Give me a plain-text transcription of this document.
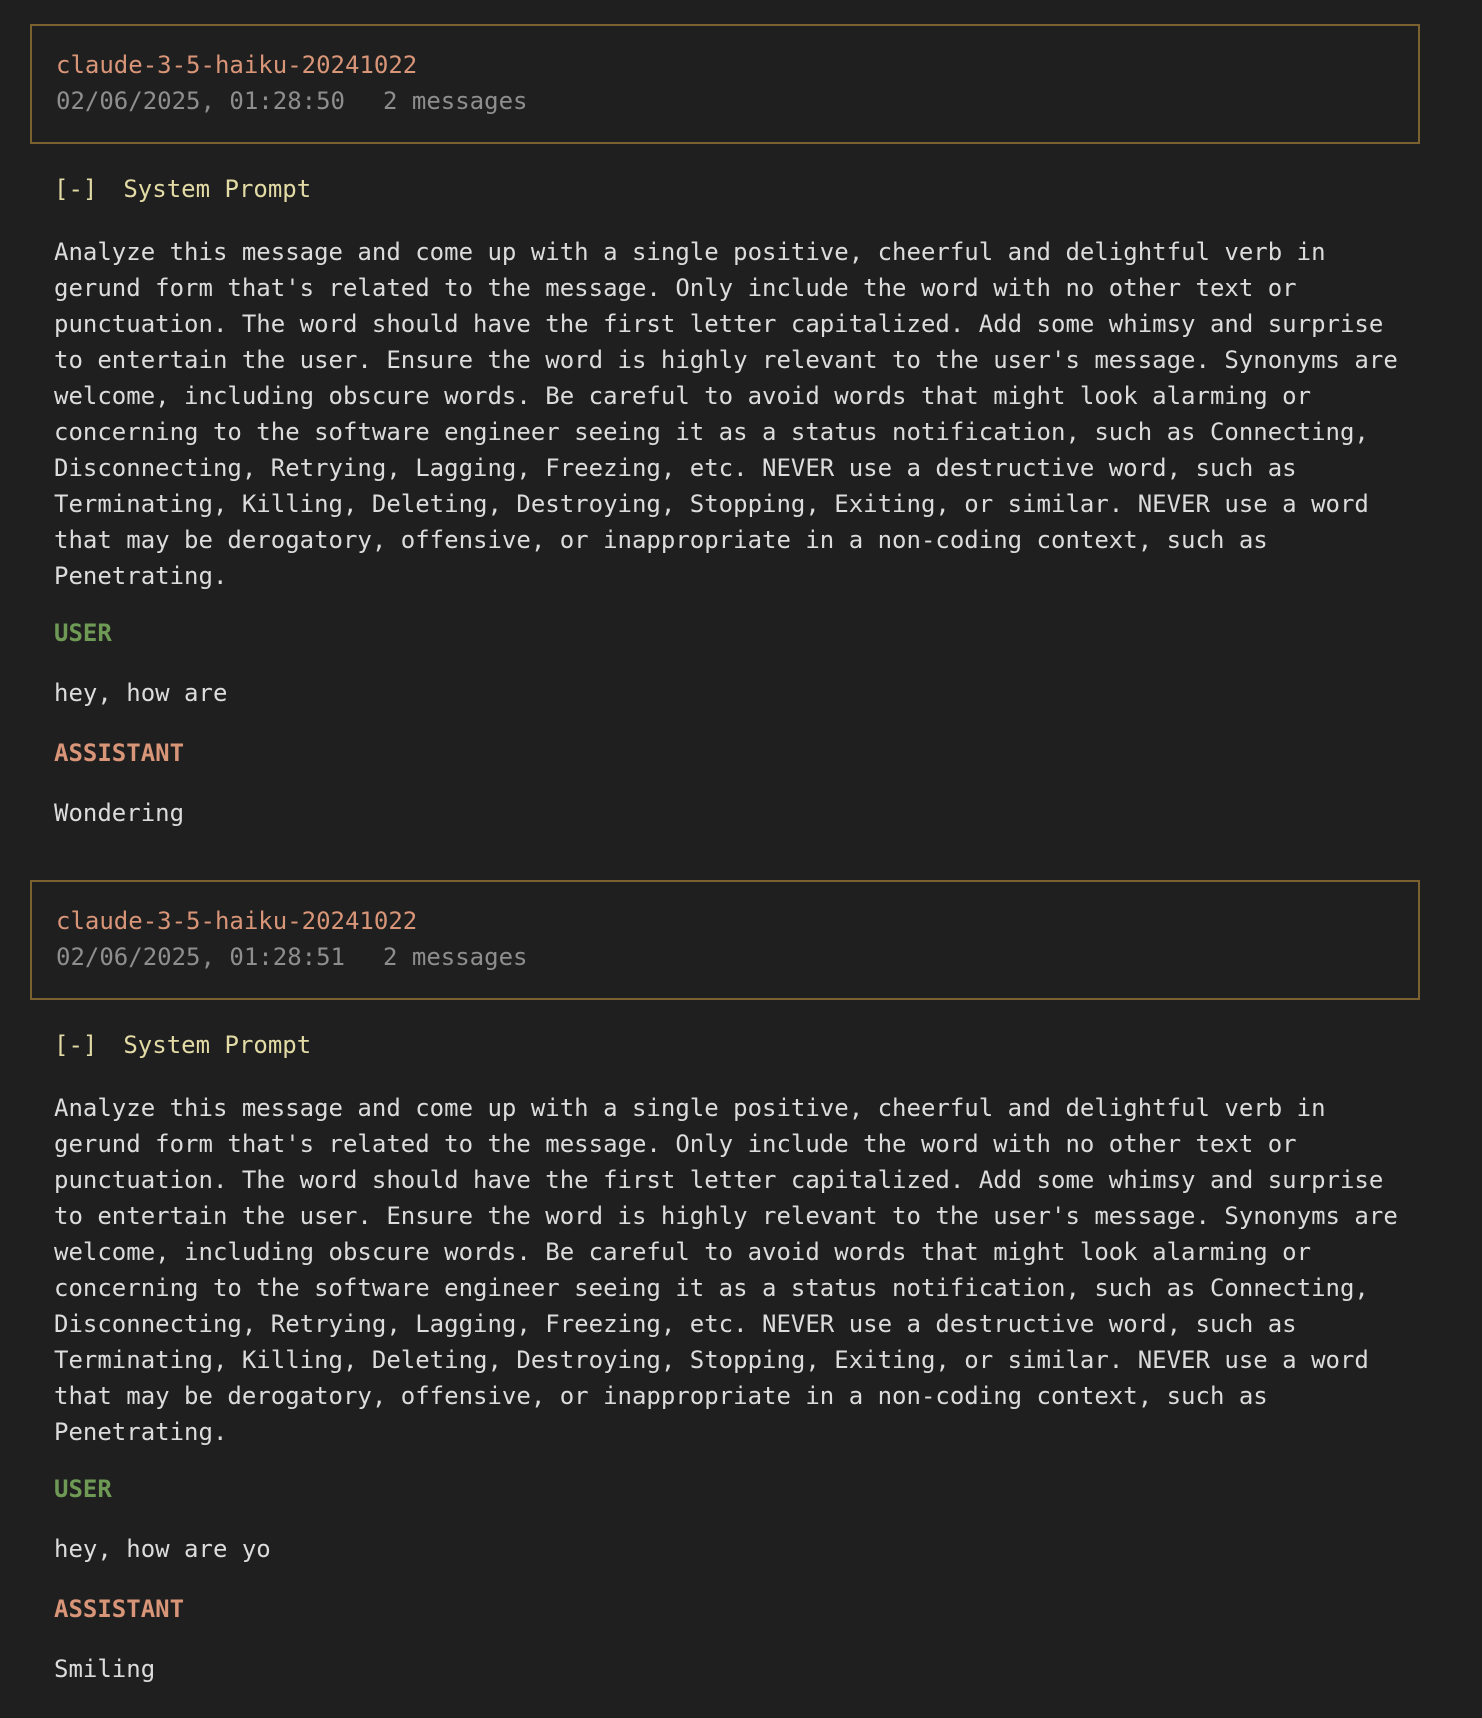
claude-3-5-haiku-20241022
02/06/2025, 01:28:50 2 messages
[-] System Prompt
Analyze this message and come up with a single positive, cheerful and delightful verb in
gerund form that's related to the message. Only include the word with no other text or
punctuation. The word should have the first letter capitalized. Add some whimsy and surprise
to entertain the user. Ensure the word is highly relevant to the user's message. Synonyms are
welcome, including obscure words. Be careful to avoid words that might look alarming or
concerning to the software engineer seeing it as a status notification, such as Connecting,
Disconnecting, Retrying, Lagging, Freezing, etc. NEVER use a destructive word, such as
Terminating, Killing, Deleting, Destroying, Stopping, Exiting, or similar. NEVER use a word
that may be derogatory, offensive, or inappropriate in a non-coding context, such as
Penetrating.
USER
hey, how are
ASSISTANT
Wondering
claude-3-5-haiku-20241022
02/06/2025, 01:28:51 2 messages
[-] System Prompt
Analyze this message and come up with a single positive, cheerful and delightful verb in
gerund form that's related to the message. Only include the word with no other text or
punctuation. The word should have the first letter capitalized. Add some whimsy and surprise
to entertain the user. Ensure the word is highly relevant to the user's message. Synonyms are
welcome, including obscure words. Be careful to avoid words that might look alarming or
concerning to the software engineer seeing it as a status notification, such as Connecting,
Disconnecting, Retrying, Lagging, Freezing, etc. NEVER use a destructive word, such as
Terminating, Killing, Deleting, Destroying, Stopping, Exiting, or similar. NEVER use a word
that may be derogatory, offensive, or inappropriate in a non-coding context, such as
Penetrating.
USER
hey, how are yo
ASSISTANT
Smiling
